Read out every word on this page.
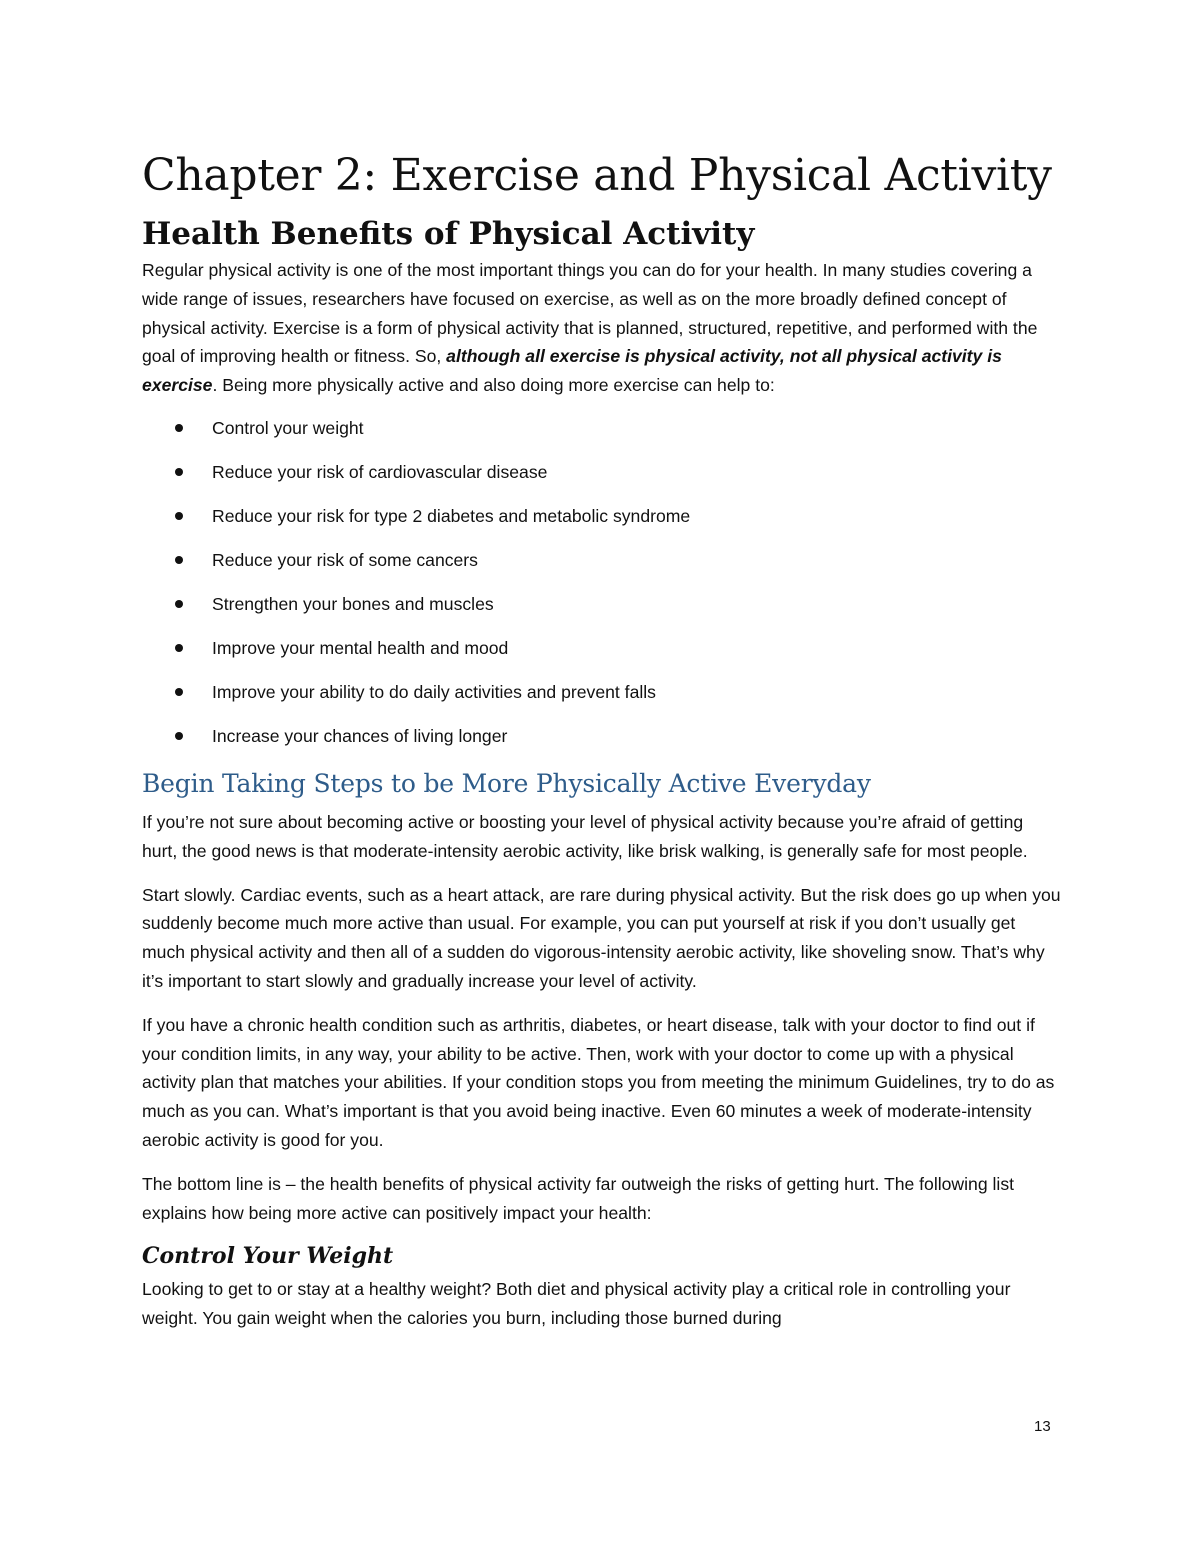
Chapter 2: Exercise and Physical Activity
Health Benefits of Physical Activity

Regular physical activity is one of the most important things you can do for your health. In many studies covering a wide range of issues, researchers have focused on exercise, as well as on the more broadly defined concept of physical activity. Exercise is a form of physical activity that is planned, structured, repetitive, and performed with the goal of improving health or fitness. So, although all exercise is physical activity, not all physical activity is exercise. Being more physically active and also doing more exercise can help to:

Control your weight
Reduce your risk of cardiovascular disease
Reduce your risk for type 2 diabetes and metabolic syndrome
Reduce your risk of some cancers
Strengthen your bones and muscles
Improve your mental health and mood
Improve your ability to do daily activities and prevent falls
Increase your chances of living longer
Begin Taking Steps to be More Physically Active Everyday

If you’re not sure about becoming active or boosting your level of physical activity because you’re afraid of getting hurt, the good news is that moderate-intensity aerobic activity, like brisk walking, is generally safe for most people.

Start slowly. Cardiac events, such as a heart attack, are rare during physical activity. But the risk does go up when you suddenly become much more active than usual. For example, you can put yourself at risk if you don’t usually get much physical activity and then all of a sudden do vigorous-intensity aerobic activity, like shoveling snow. That’s why it’s important to start slowly and gradually increase your level of activity.

If you have a chronic health condition such as arthritis, diabetes, or heart disease, talk with your doctor to find out if your condition limits, in any way, your ability to be active. Then, work with your doctor to come up with a physical activity plan that matches your abilities. If your condition stops you from meeting the minimum Guidelines, try to do as much as you can. What’s important is that you avoid being inactive. Even 60 minutes a week of moderate-intensity aerobic activity is good for you.

The bottom line is – the health benefits of physical activity far outweigh the risks of getting hurt. The following list explains how being more active can positively impact your health:

Control Your Weight

Looking to get to or stay at a healthy weight? Both diet and physical activity play a critical role in controlling your weight. You gain weight when the calories you burn, including those burned during

13
